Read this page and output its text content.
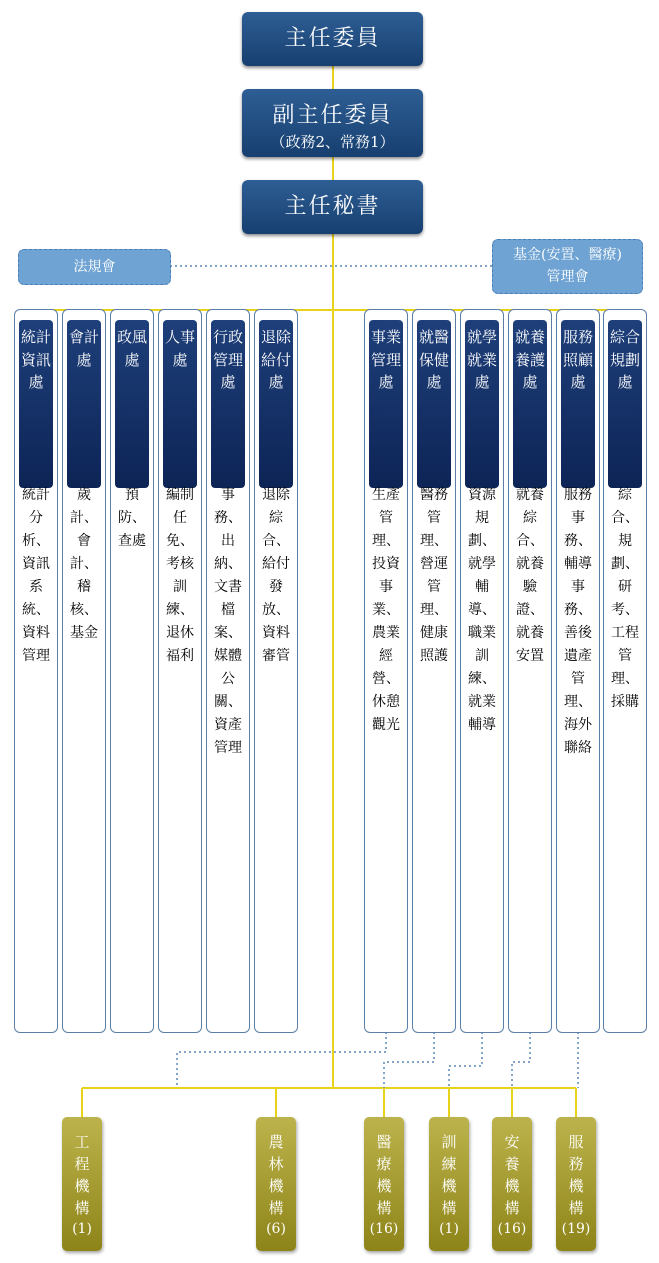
主任委員
副主任委員
（政務2、常務1）
主任秘書
法規會
基金(安置、醫療)
管理會
統計資訊處
統計分析、資訊系統、資料管理
會計處
歲計、會計、稽核、基金
政風處
預防、查處
人事處
編制任免、考核訓練、退休福利
行政管理處
事務、出納、文書檔案、媒體公關、資產管理
退除給付處
退除綜合、給付發放、資料審管
事業管理處
生產管理、投資事業、農業經營、休憩觀光
就醫保健處
醫務管理、營運管理、健康照護
就學就業處
資源規劃、就學輔導、職業訓練、就業輔導
就養養護處
就養綜合、就養驗證、就養安置
服務照顧處
服務事務、輔導事務、善後遺產管理、海外聯絡
綜合規劃處
綜合、規劃、研考、工程管理、採購
工程機構
(1)
農林機構
(6)
醫療機構
(16)
訓練機構
(1)
安養機構
(16)
服務機構
(19)
